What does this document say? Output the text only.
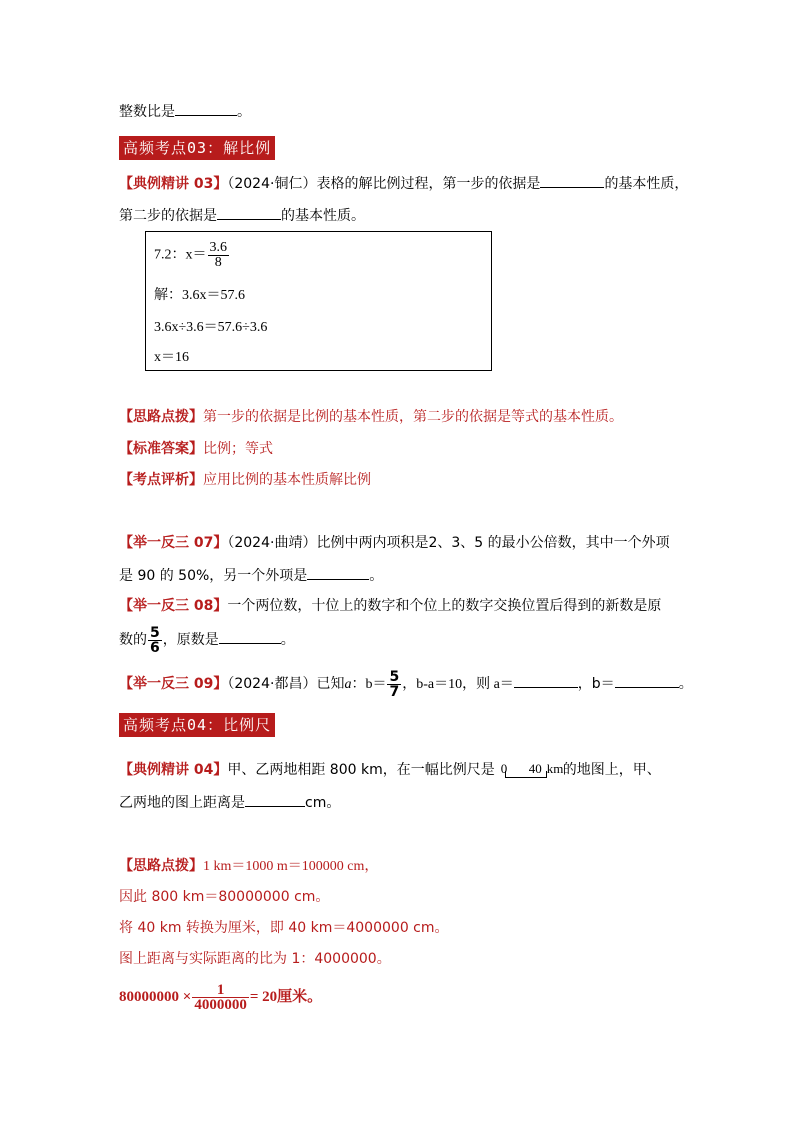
整数比是	。
高频考点03：解比例
【典例精讲 03】（2024·铜仁）表格的解比例过程，第一步的依据是	的基本性质，
第二步的依据是	的基本性质。
7.2：$x= \frac{3.6}{8}$
解：3.6x＝57.6
3.6x÷3.6＝57.6÷3.6
x＝16
【思路点拨】第一步的依据是比例的基本性质，第二步的依据是等式的基本性质。
【标准答案】比例；等式
【考点评析】应用比例的基本性质解比例
【举一反三 07】（2024·曲靖）比例中两内项积是2、3、5 的最小公倍数，其中一个外项
是 90 的 50%，另一个外项是	。
【举一反三 08】一个两位数，十位上的数字和个位上的数字交换位置后得到的新数是原
数的 $\frac{5}{6}$ ，原数是	。
【举一反三 09】（2024·都昌）已知a：$b= \frac{5}{7}$ ，b-a＝10，则 a＝	，b＝	。
高频考点04：比例尺
【典例精讲 04】甲、乙两地相距 800 km，在一幅比例尺是 0 40 km 的地图上，甲、
乙两地的图上距离是	cm。
【思路点拨】1 km＝1000 m＝100000 cm，
因此 800 km＝80000000 cm。
将 40 km 转换为厘米，即 40 km＝4000000 cm。
图上距离与实际距离的比为 1：4000000。
$80000000 \times \frac{1}{4000000} = 20$厘米。
